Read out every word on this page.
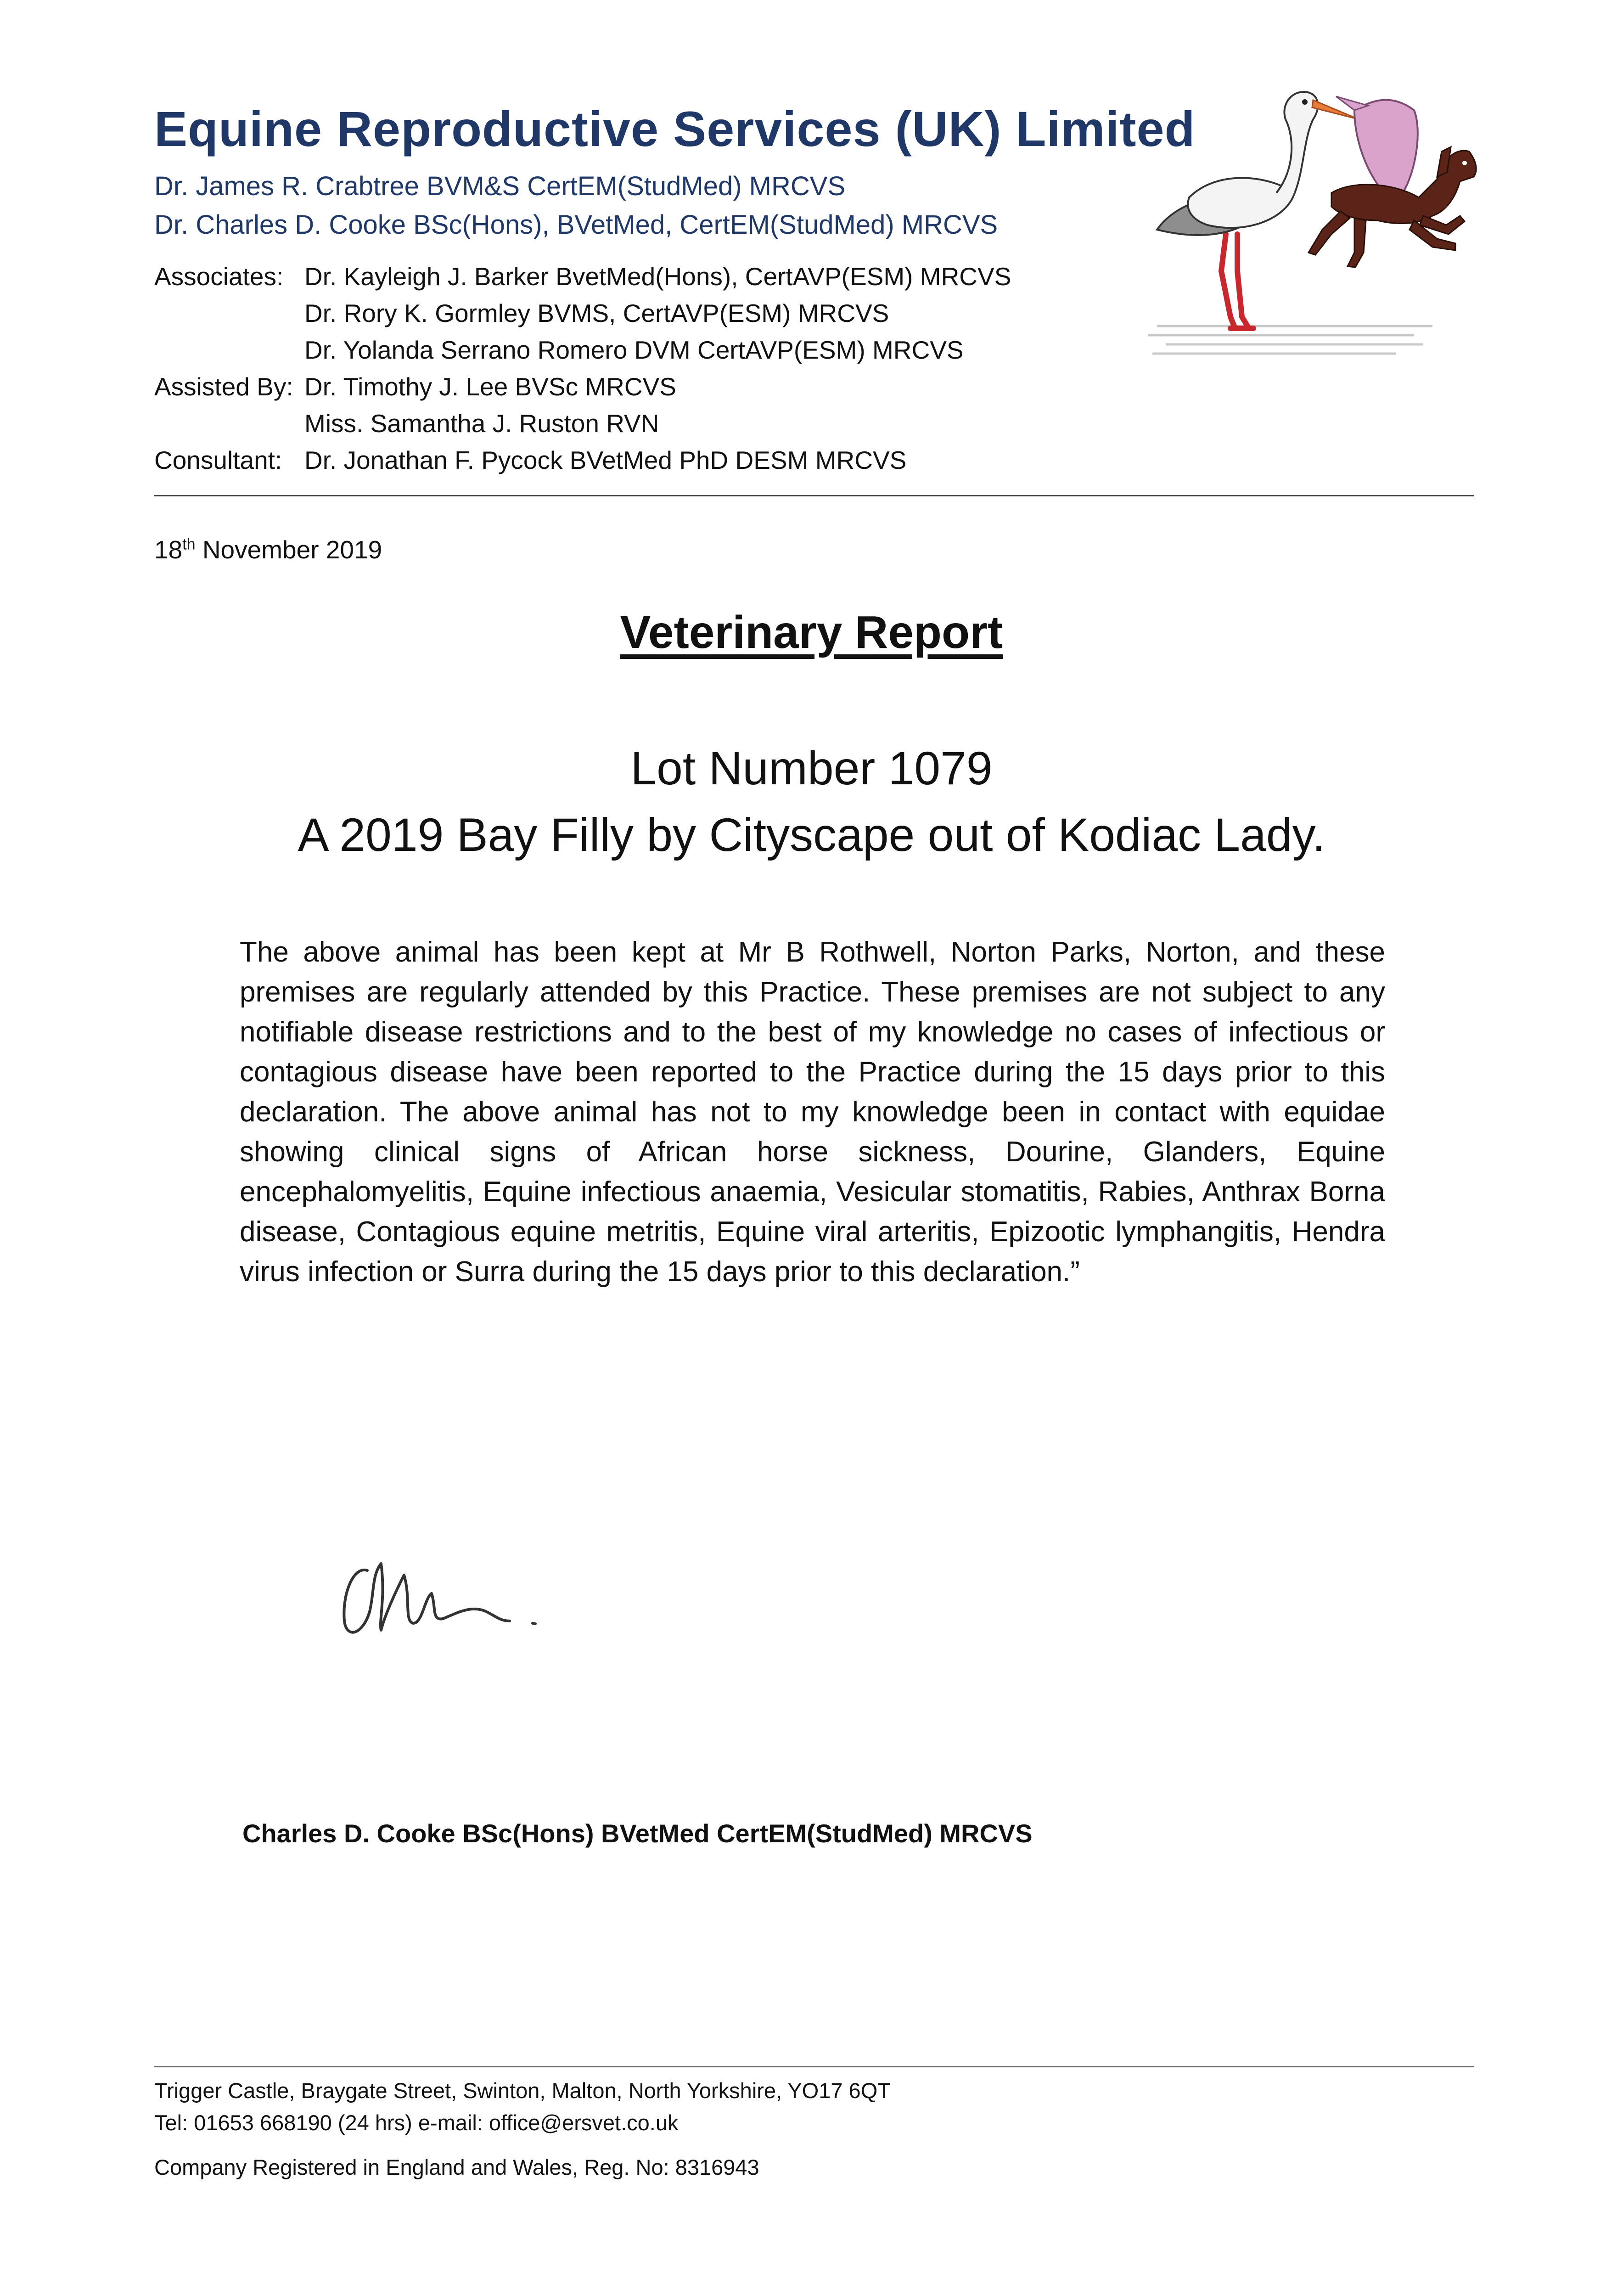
Equine Reproductive Services (UK) Limited
Dr. James R. Crabtree BVM&S CertEM(StudMed) MRCVS
Dr. Charles D. Cooke BSc(Hons), BVetMed, CertEM(StudMed) MRCVS
Associates: Dr. Kayleigh J. Barker BvetMed(Hons), CertAVP(ESM) MRCVS
Dr. Rory K. Gormley BVMS, CertAVP(ESM) MRCVS
Dr. Yolanda Serrano Romero DVM CertAVP(ESM) MRCVS
Assisted By: Dr. Timothy J. Lee BVSc MRCVS
Miss. Samantha J. Ruston RVN
Consultant: Dr. Jonathan F. Pycock BVetMed PhD DESM MRCVS
18th November 2019
Veterinary Report
Lot Number 1079
A 2019 Bay Filly by Cityscape out of Kodiac Lady.
The above animal has been kept at Mr B Rothwell, Norton Parks, Norton, and these premises are regularly attended by this Practice. These premises are not subject to any notifiable disease restrictions and to the best of my knowledge no cases of infectious or contagious disease have been reported to the Practice during the 15 days prior to this declaration. The above animal has not to my knowledge been in contact with equidae showing clinical signs of African horse sickness, Dourine, Glanders, Equine encephalomyelitis, Equine infectious anaemia, Vesicular stomatitis, Rabies, Anthrax Borna disease, Contagious equine metritis, Equine viral arteritis, Epizootic lymphangitis, Hendra virus infection or Surra during the 15 days prior to this declaration.”
Charles D. Cooke BSc(Hons) BVetMed CertEM(StudMed) MRCVS
Trigger Castle, Braygate Street, Swinton, Malton, North Yorkshire, YO17 6QT
Tel: 01653 668190 (24 hrs) e-mail: office@ersvet.co.uk
Company Registered in England and Wales, Reg. No: 8316943
